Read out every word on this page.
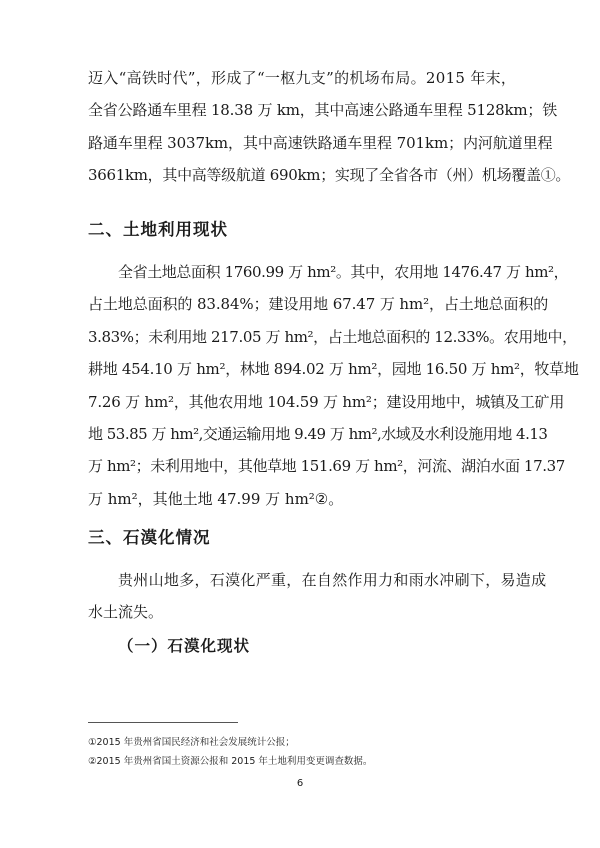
迈入“高铁时代”，形成了“一枢九支”的机场布局。2015 年末，
全省公路通车里程 18.38 万 km，其中高速公路通车里程 5128km；铁
路通车里程 3037km，其中高速铁路通车里程 701km；内河航道里程
3661km，其中高等级航道 690km；实现了全省各市（州）机场覆盖①。
二、土地利用现状
全省土地总面积 1760.99 万 hm²。其中，农用地 1476.47 万 hm²，
占土地总面积的 83.84%；建设用地 67.47 万 hm²，占土地总面积的
3.83%；未利用地 217.05 万 hm²，占土地总面积的 12.33%。农用地中，
耕地 454.10 万 hm²，林地 894.02 万 hm²，园地 16.50 万 hm²，牧草地
7.26 万 hm²，其他农用地 104.59 万 hm²；建设用地中，城镇及工矿用
地 53.85 万 hm²,交通运输用地 9.49 万 hm²,水域及水利设施用地 4.13
万 hm²；未利用地中，其他草地 151.69 万 hm²，河流、湖泊水面 17.37
万 hm²，其他土地 47.99 万 hm²②。
三、石漠化情况
贵州山地多，石漠化严重，在自然作用力和雨水冲刷下，易造成
水土流失。
（一）石漠化现状
①2015 年贵州省国民经济和社会发展统计公报；
②2015 年贵州省国土资源公报和 2015 年土地利用变更调查数据。
6
